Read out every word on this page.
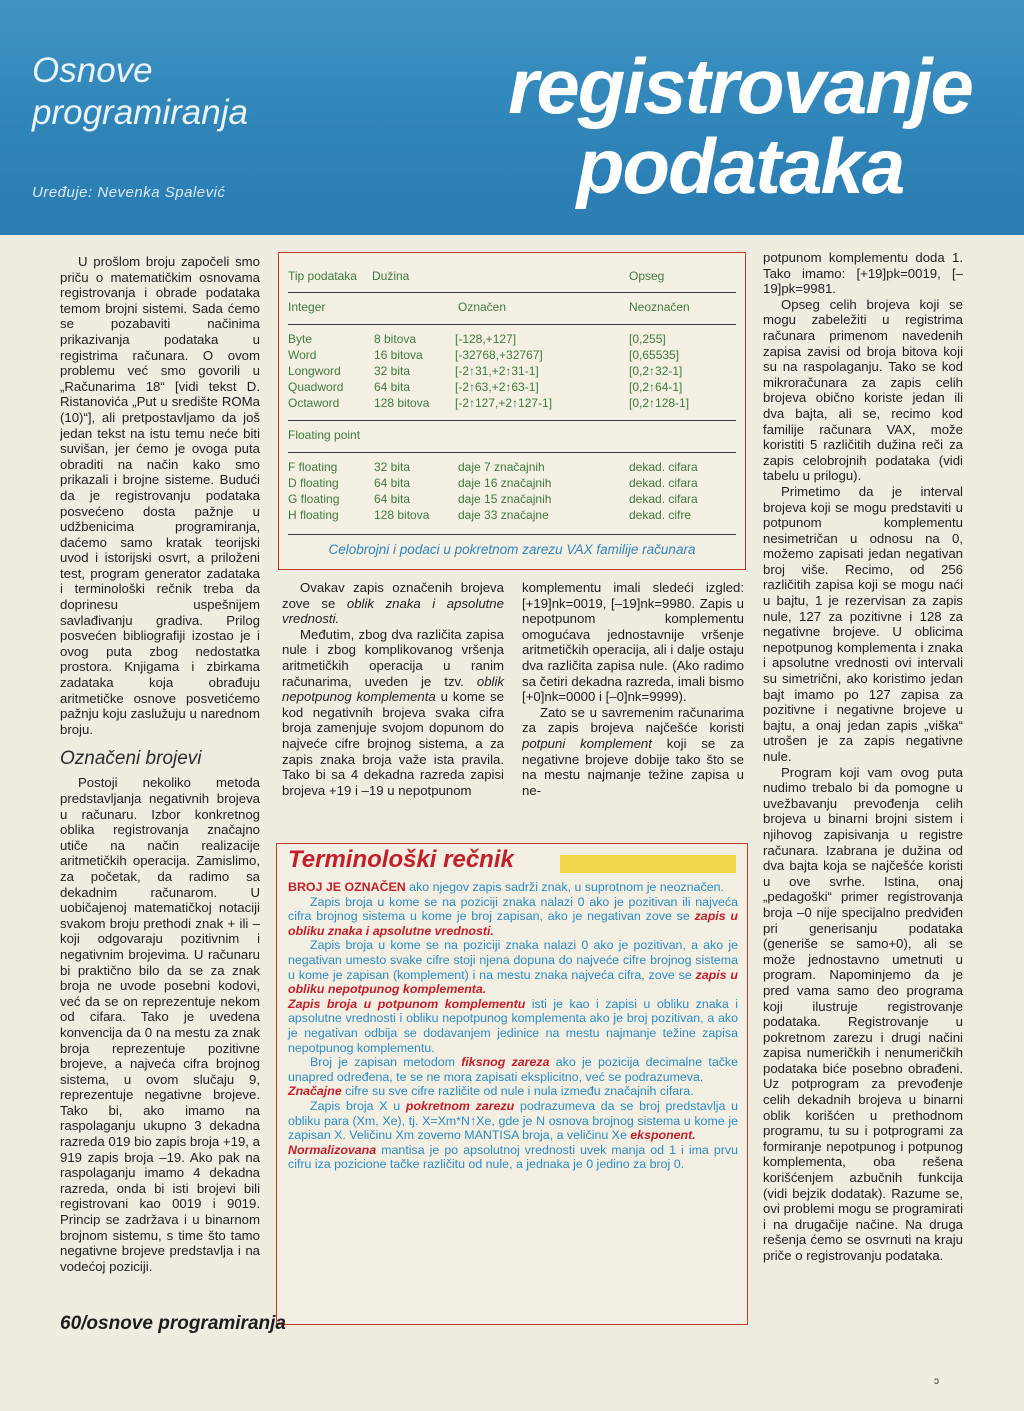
Osnove
programiranja
Uređuje: Nevenka Spalević
registrovanje
podataka

U prošlom broju započeli smo priču o matematičkim osnovama registrovanja i obrade podataka temom brojni sistemi. Sada ćemo se pozabaviti načinima prikazivanja podataka u registrima računara. O ovom problemu već smo govorili u „Računarima 18“ [vidi tekst D. Ristanovića „Put u središte ROMa (10)“], ali pretpostavljamo da još jedan tekst na istu temu neće biti suvišan, jer ćemo je ovoga puta obraditi na način kako smo prikazali i brojne sisteme. Budući da je registrovanju podataka posvećeno dosta pažnje u udžbenicima programiranja, daćemo samo kratak teorijski uvod i istorijski osvrt, a priloženi test, program generator zadataka i terminološki rečnik treba da doprinesu uspešnijem savlađivanju gradiva. Prilog posvećen bibliografiji izostao je i ovog puta zbog nedostatka prostora. Knjigama i zbirkama zadataka koja obrađuju aritmetičke osnove posvetićemo pažnju koju zaslužuju u narednom broju.

Označeni brojevi

Postoji nekoliko metoda predstavljanja negativnih brojeva u računaru. Izbor konkretnog oblika registrovanja značajno utiče na način realizacije aritmetičkih operacija. Zamislimo, za početak, da radimo sa dekadnim računarom. U uobičajenoj matematičkoj notaciji svakom broju prethodi znak + ili – koji odgovaraju pozitivnim i negativnim brojevima. U računaru bi praktično bilo da se za znak broja ne uvode posebni kodovi, već da se on reprezentuje nekom od cifara. Tako je uvedena konvencija da 0 na mestu za znak broja reprezentuje pozitivne brojeve, a najveća cifra brojnog sistema, u ovom slučaju 9, reprezentuje negativne brojeve. Tako bi, ako imamo na raspolaganju ukupno 3 dekadna razreda 019 bio zapis broja +19, a 919 zapis broja –19. Ako pak na raspolaganju imamo 4 dekadna razreda, onda bi isti brojevi bili registrovani kao 0019 i 9019. Princip se zadržava i u binarnom brojnom sistemu, s time što tamo negativne brojeve predstavlja i na vodećoj poziciji.

Tip podataka Dužina	Opseg
Integer	Označen	Neoznačen
Byte	8 bitova	[-128,+127]	[0,255]
Word	16 bitova	[-32768,+32767]	[0,65535]
Longword	32 bita	[-2↑31,+2↑31-1]	[0,2↑32-1]
Quadword	64 bita	[-2↑63,+2↑63-1]	[0,2↑64-1]
Octaword	128 bitova [-2↑127,+2↑127-1]	[0,2↑128-1]
Floating point
F floating	32 bita	daje 7 značajnih	dekad. cifara
D floating	64 bita	daje 16 značajnih	dekad. cifara
G floating	64 bita	daje 15 značajnih	dekad. cifara
H floating	128 bitova daje 33 značajne	dekad. cifre
Celobrojni i podaci u pokretnom zarezu VAX familije računara

Ovakav zapis označenih brojeva zove se oblik znaka i apsolutne vrednosti.

Međutim, zbog dva različita zapisa nule i zbog komplikovanog vršenja aritmetičkih operacija u ranim računarima, uveden je tzv. oblik nepotpunog komplementa u kome se kod negativnih brojeva svaka cifra broja zamenjuje svojom dopunom do najveće cifre brojnog sistema, a za zapis znaka broja važe ista pravila. Tako bi sa 4 dekadna razreda zapisi brojeva +19 i –19 u nepotpunom

komplementu imali sledeći izgled: [+19]nk=0019, [–19]nk=9980. Zapis u nepotpunom komplementu omogućava jednostavnije vršenje aritmetičkih operacija, ali i dalje ostaju dva različita zapisa nule. (Ako radimo sa četiri dekadna razreda, imali bismo [+0]nk=0000 i [–0]nk=9999).

Zato se u savremenim računarima za zapis brojeva najčešće koristi potpuni komplement koji se za negativne brojeve dobije tako što se na mestu najmanje težine zapisa u ne-

potpunom komplementu doda 1. Tako imamo: [+19]pk=0019, [–19]pk=9981.

Opseg celih brojeva koji se mogu zabeležiti u registrima računara primenom navedenih zapisa zavisi od broja bitova koji su na raspolaganju. Tako se kod mikroračunara za zapis celih brojeva obično koriste jedan ili dva bajta, ali se, recimo kod familije računara VAX, može koristiti 5 različitih dužina reči za zapis celobrojnih podataka (vidi tabelu u prilogu).

Primetimo da je interval brojeva koji se mogu predstaviti u potpunom komplementu nesimetričan u odnosu na 0, možemo zapisati jedan negativan broj više. Recimo, od 256 različitih zapisa koji se mogu naći u bajtu, 1 je rezervisan za zapis nule, 127 za pozitivne i 128 za negativne brojeve. U oblicima nepotpunog komplementa i znaka i apsolutne vrednosti ovi intervali su simetrični, ako koristimo jedan bajt imamo po 127 zapisa za pozitivne i negativne brojeve u bajtu, a onaj jedan zapis „viška“ utrošen je za zapis negativne nule.

Program koji vam ovog puta nudimo trebalo bi da pomogne u uvežbavanju prevođenja celih brojeva u binarni brojni sistem i njihovog zapisivanja u registre računara. Izabrana je dužina od dva bajta koja se najčešće koristi u ove svrhe. Istina, onaj „pedagoški“ primer registrovanja broja –0 nije specijalno predviđen pri generisanju podataka (generiše se samo+0), ali se može jednostavno umetnuti u program. Napominjemo da je pred vama samo deo programa koji ilustruje registrovanje podataka. Registrovanje u pokretnom zarezu i drugi načini zapisa numeričkih i nenumeričkih podataka biće posebno obrađeni. Uz potprogram za prevođenje celih dekadnih brojeva u binarni oblik korišćen u prethodnom programu, tu su i potprogrami za formiranje nepotpunog i potpunog komplementa, oba rešena korišćenjem azbučnih funkcija (vidi bejzik dodatak). Razume se, ovi problemi mogu se programirati i na drugačije načine. Na druga rešenja ćemo se osvrnuti na kraju priče o registrovanju podataka.

Terminološki rečnik

BROJ JE OZNAČEN ako njegov zapis sadrži znak, u suprotnom je neoznačen.

Zapis broja u kome se na poziciji znaka nalazi 0 ako je pozitivan ili najveća cifra brojnog sistema u kome je broj zapisan, ako je negativan zove se zapis u obliku znaka i apsolutne vrednosti.

Zapis broja u kome se na poziciji znaka nalazi 0 ako je pozitivan, a ako je negativan umesto svake cifre stoji njena dopuna do najveće cifre brojnog sistema u kome je zapisan (komplement) i na mestu znaka najveća cifra, zove se zapis u obliku nepotpunog komplementa.

Zapis broja u potpunom komplementu isti je kao i zapisi u obliku znaka i apsolutne vrednosti i obliku nepotpunog komplementa ako je broj pozitivan, a ako je negativan odbija se dodavanjem jedinice na mestu najmanje težine zapisa nepotpunog komplementu.

Broj je zapisan metodom fiksnog zareza ako je pozicija decimalne tačke unapred određena, te se ne mora zapisati eksplicitno, već se podrazumeva.

Značajne cifre su sve cifre različite od nule i nula između značajnih cifara.

Zapis broja X u pokretnom zarezu podrazumeva da se broj predstavlja u obliku para (Xm, Xe), tj. X=Xm*N↑Xe, gde je N osnova brojnog sistema u kome je zapisan X. Veličinu Xm zovemo MANTISA broja, a veličinu Xe eksponent.

Normalizovana mantisa je po apsolutnoj vrednosti uvek manja od 1 i ima prvu cifru iza pozicione tačke različitu od nule, a jednaka je 0 jedino za broj 0.

60/osnove programiranja
ɔ
